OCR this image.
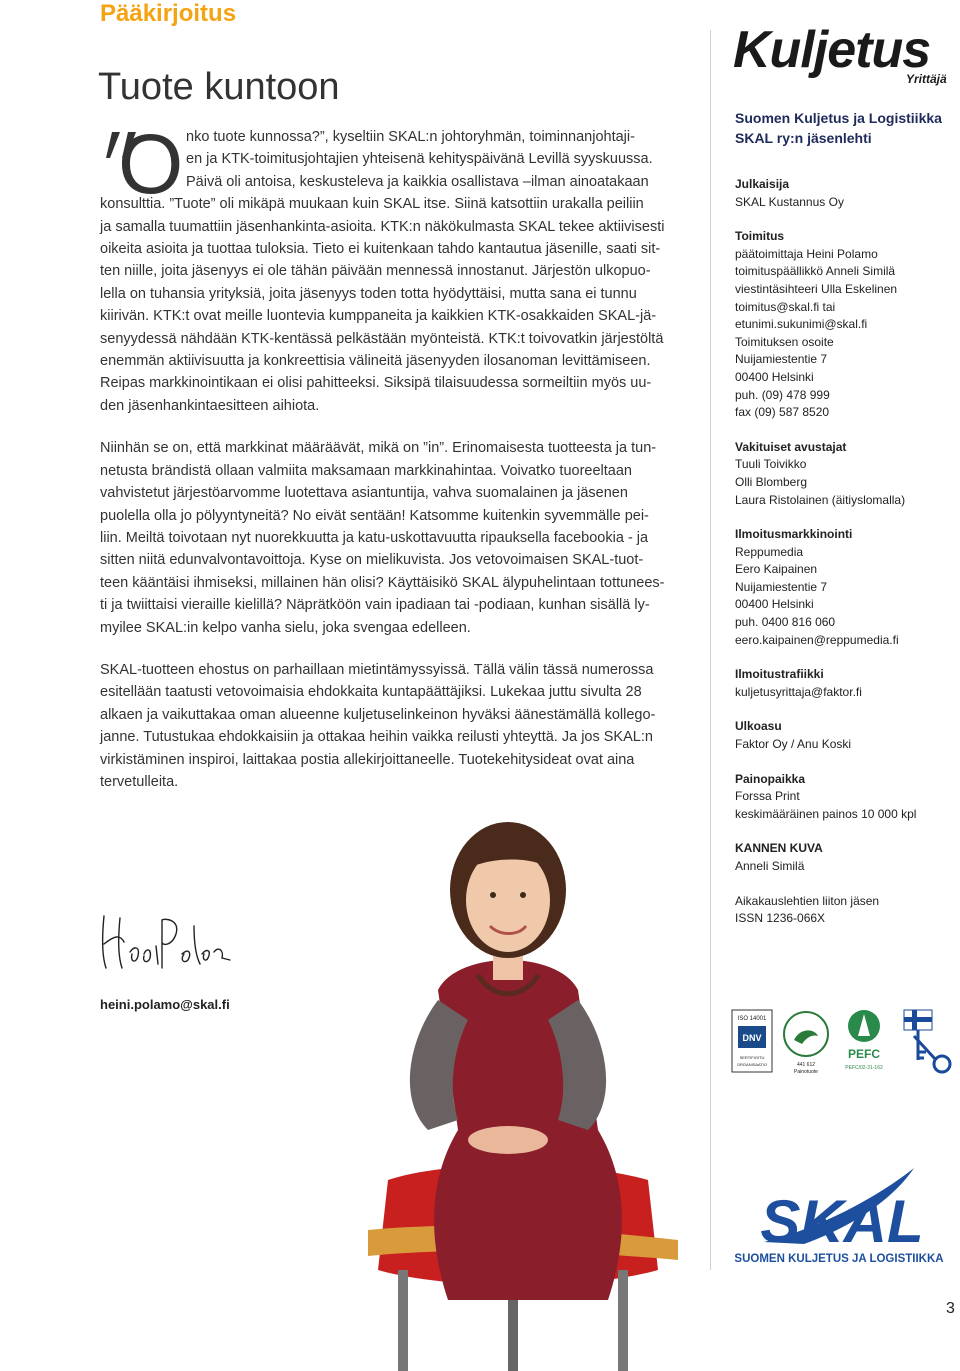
Pääkirjoitus
Tuote kuntoon
O nko tuote kunnossa?”, kyseltiin SKAL:n johtoryhmän, toiminnanjohtaji-
en ja KTK-toimitusjohtajien yhteisenä kehityspäivänä Levillä syyskuussa.
Päivä oli antoisa, keskusteleva ja kaikkia osallistava –ilman ainoatakaan
konsulttia. ”Tuote” oli mikäpä muukaan kuin SKAL itse. Siinä katsottiin urakalla peiliin
ja samalla tuumattiin jäsenhankinta-asioita. KTK:n näkökulmasta SKAL tekee aktiivisesti
oikeita asioita ja tuottaa tuloksia. Tieto ei kuitenkaan tahdo kantautua jäsenille, saati sit-
ten niille, joita jäsenyys ei ole tähän päivään mennessä innostanut. Järjestön ulkopuo-
lella on tuhansia yrityksiä, joita jäsenyys toden totta hyödyttäisi, mutta sana ei tunnu
kiirivän. KTK:t ovat meille luontevia kumppaneita ja kaikkien KTK-osakkaiden SKAL-jä-
senyydessä nähdään KTK-kentässä pelkästään myönteistä. KTK:t toivovatkin järjestöltä
enemmän aktiivisuutta ja konkreettisia välineitä jäsenyyden ilosanoman levittämiseen.
Reipas markkinointikaan ei olisi pahitteeksi. Siksipä tilaisuudessa sormeiltiin myös uu-
den jäsenhankintaesitteen aihiota.

Niinhän se on, että markkinat määräävät, mikä on ”in”. Erinomaisesta tuotteesta ja tun-
netusta brändistä ollaan valmiita maksamaan markkinahintaa. Voivatko tuoreeltaan
vahvistetut järjestöarvomme luotettava asiantuntija, vahva suomalainen ja jäsenen
puolella olla jo pölyyntyneitä? No eivät sentään! Katsomme kuitenkin syvemmälle pei-
liin. Meiltä toivotaan nyt nuorekkuutta ja katu-uskottavuutta ripauksella facebookia - ja
sitten niitä edunvalvontavoittoja. Kyse on mielikuvista. Jos vetovoimaisen SKAL-tuot-
teen kääntäisi ihmiseksi, millainen hän olisi? Käyttäisikö SKAL älypuhelintaan tottunees-
ti ja twiittaisi vieraille kielillä? Näprätköön vain ipadiaan tai -podiaan, kunhan sisällä ly-
myilee SKAL:in kelpo vanha sielu, joka svengaa edelleen.

SKAL-tuotteen ehostus on parhaillaan mietintämyssyissä. Tällä välin tässä numerossa
esitellään taatusti vetovoimaisia ehdokkaita kuntapäättäjiksi. Lukekaa juttu sivulta 28
alkaen ja vaikuttakaa oman alueenne kuljetuselinkeinon hyväksi äänestämällä kollego-
janne. Tutustukaa ehdokkaisiin ja ottakaa heihin vaikka reilusti yhteyttä. Ja jos SKAL:n
virkistäminen inspiroi, laittakaa postia allekirjoittaneelle. Tuotekehitysideat ovat aina
tervetulleita.

heini.polamo@skal.fi
Kuljetus
Yrittäjä
Suomen Kuljetus ja Logistiikka
SKAL ry:n jäsenlehti
Julkaisija
SKAL Kustannus Oy
Toimitus
päätoimittaja Heini Polamo
toimituspäällikkö Anneli Similä
viestintäsihteeri Ulla Eskelinen
toimitus@skal.fi tai
etunimi.sukunimi@skal.fi
Toimituksen osoite
Nuijamiestentie 7
00400 Helsinki
puh. (09) 478 999
fax (09) 587 8520
Vakituiset avustajat
Tuuli Toivikko
Olli Blomberg
Laura Ristolainen (äitiyslomalla)
Ilmoitusmarkkinointi
Reppumedia
Eero Kaipainen
Nuijamiestentie 7
00400 Helsinki
puh. 0400 816 060
eero.kaipainen@reppumedia.fi
Ilmoitustrafiikki
kuljetusyrittaja@faktor.fi
Ulkoasu
Faktor Oy / Anu Koski
Painopaikka
Forssa Print
keskimääräinen painos 10 000 kpl
KANNEN KUVA
Anneli Similä
Aikakauslehtien liiton jäsen
ISSN 1236-066X
ISO 14001
DNV
SERTIFIOITU
ORGANISAATIO	441 612
Painotuote
PEFC
PEFC/02-31-162
SKAL
SUOMEN KULJETUS JA LOGISTIIKKA
3
